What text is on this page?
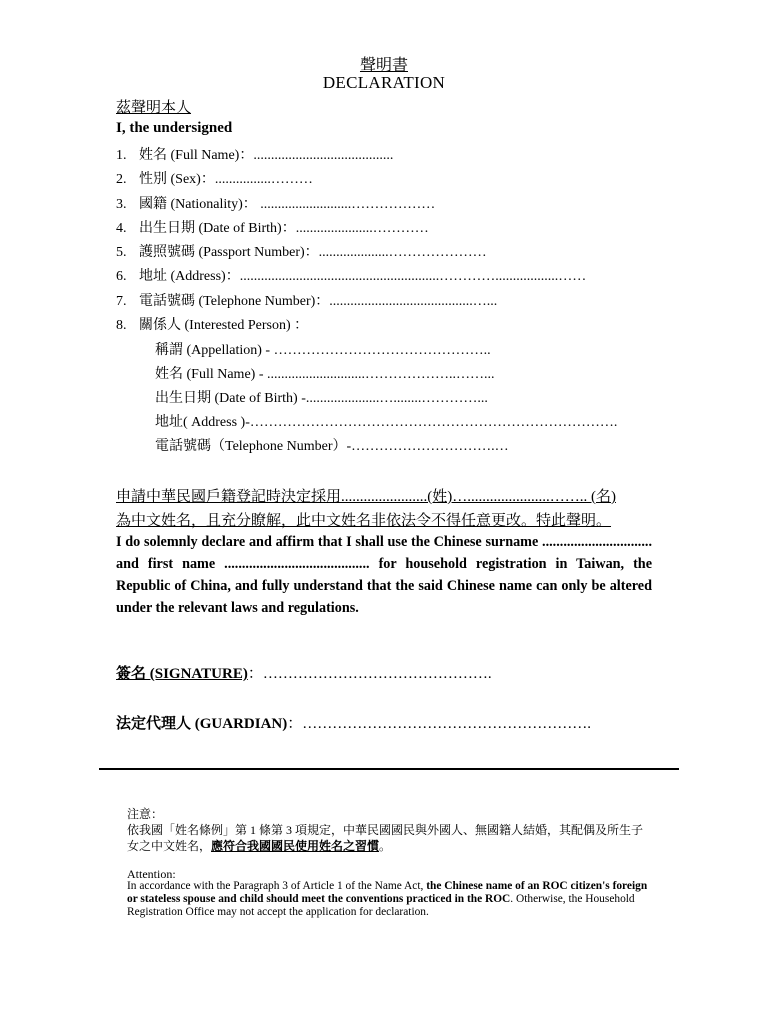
聲明書
DECLARATION
茲聲明本人
I, the undersigned
1. 姓名 (Full Name)：........................................
2. 性別 (Sex)：................………
3. 國籍 (Nationality)： ..........................………………
4. 出生日期 (Date of Birth)：......................…………
5. 護照號碼 (Passport Number)：....................…………………
6. 地址 (Address)：.........................................................…………..................……
7. 電話號碼 (Telephone Number)：.........................................…...
8. 關係人 (Interested Person) ：
稱謂 (Appellation) - ………………………………………..
姓名 (Full Name) - ............................………………..……...
出生日期 (Date of Birth) -.....................…........…………...
地址( Address )-…………………………………………………………………….
電話號碼（Telephone Number）-………………………….…
申請中華民國戶籍登記時決定採用.......................(姓)…......................…….. (名)
為中文姓名，且充分瞭解，此中文姓名非依法令不得任意更改。特此聲明。
I do solemnly declare and affirm that I shall use the Chinese surname ............................... and first name ......................................... for household registration in Taiwan, the Republic of China, and fully understand that the said Chinese name can only be altered under the relevant laws and regulations.
簽名 (SIGNATURE)：……………………………………….
法定代理人 (GUARDIAN)：………………………………………………….
注意：
依我國「姓名條例」第 1 條第 3 項規定，中華民國國民與外國人、無國籍人結婚，其配偶及所生子女之中文姓名，應符合我國國民使用姓名之習慣。
Attention:
In accordance with the Paragraph 3 of Article 1 of the Name Act, the Chinese name of an ROC citizen's foreign or stateless spouse and child should meet the conventions practiced in the ROC. Otherwise, the Household Registration Office may not accept the application for declaration.
